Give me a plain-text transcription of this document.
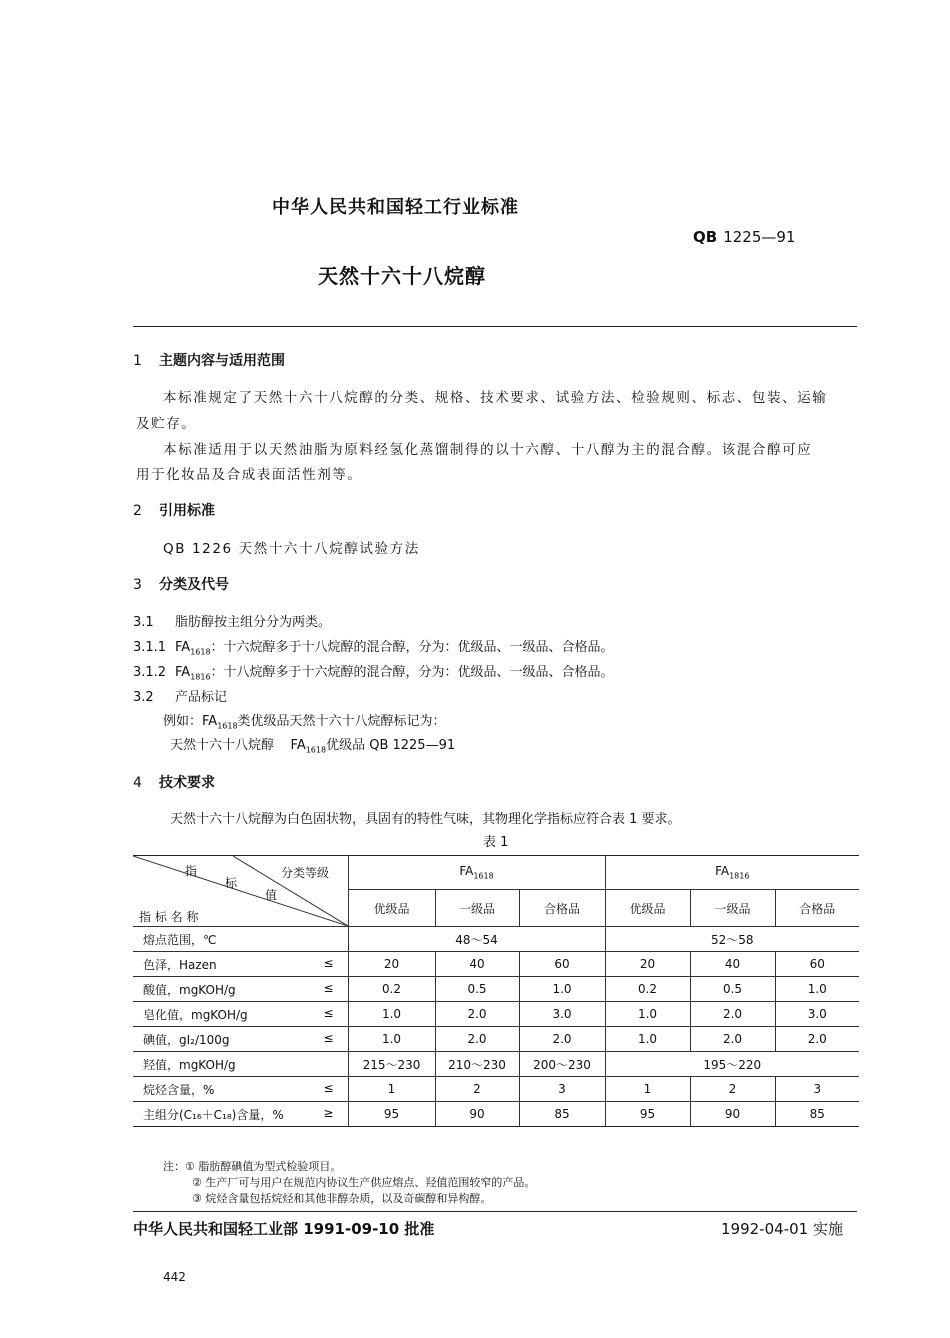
中华人民共和国轻工行业标准
QB 1225—91
天然十六十八烷醇
1 主题内容与适用范围
本标准规定了天然十六十八烷醇的分类、规格、技术要求、试验方法、检验规则、标志、包装、运输
及贮存。
本标准适用于以天然油脂为原料经氢化蒸馏制得的以十六醇、十八醇为主的混合醇。该混合醇可应
用于化妆品及合成表面活性剂等。
2 引用标准
QB 1226 天然十六十八烷醇试验方法
3 分类及代号
3.1 脂肪醇按主组分分为两类。
3.1.1 $FA_{1618}$：十六烷醇多于十八烷醇的混合醇，分为：优级品、一级品、合格品。
3.1.2 $FA_{1816}$：十八烷醇多于十六烷醇的混合醇，分为：优级品、一级品、合格品。
3.2 产品标记
例如：$FA_{1618}$类优级品天然十六十八烷醇标记为：
天然十六十八烷醇    $FA_{1618}$优级品 QB 1225—91
4 技术要求
天然十六十八烷醇为白色固状物，具固有的特性气味，其物理化学指标应符合表 1 要求。
表 1
指
标
分类等级
值
指 标 名 称	$FA_{1618}$			$FA_{1816}$
	优级品	一级品	合格品	优级品	一级品	合格品
熔点范围，℃	48～54			52～58		
色泽，Hazen ≤	20	40	60	20	40	60
酸值，mgKOH/g ≤	0.2	0.5	1.0	0.2	0.5	1.0
皂化值，mgKOH/g ≤	1.0	2.0	3.0	1.0	2.0	3.0
碘值，gI₂/100g ≤	1.0	2.0	2.0	1.0	2.0	2.0
羟值，mgKOH/g	215～230	210～230	200～230	195～220		
烷烃含量，% ≤	1	2	3	1	2	3
主组分(C₁₆＋C₁₈)含量，% ≥	95	90	85	95	90	85
注：① 脂肪醇碘值为型式检验项目。
② 生产厂可与用户在规范内协议生产供应熔点、羟值范围较窄的产品。
③ 烷烃含量包括烷烃和其他非醇杂质，以及奇碳醇和异构醇。
中华人民共和国轻工业部 1991-09-10 批准	1992-04-01 实施
442
